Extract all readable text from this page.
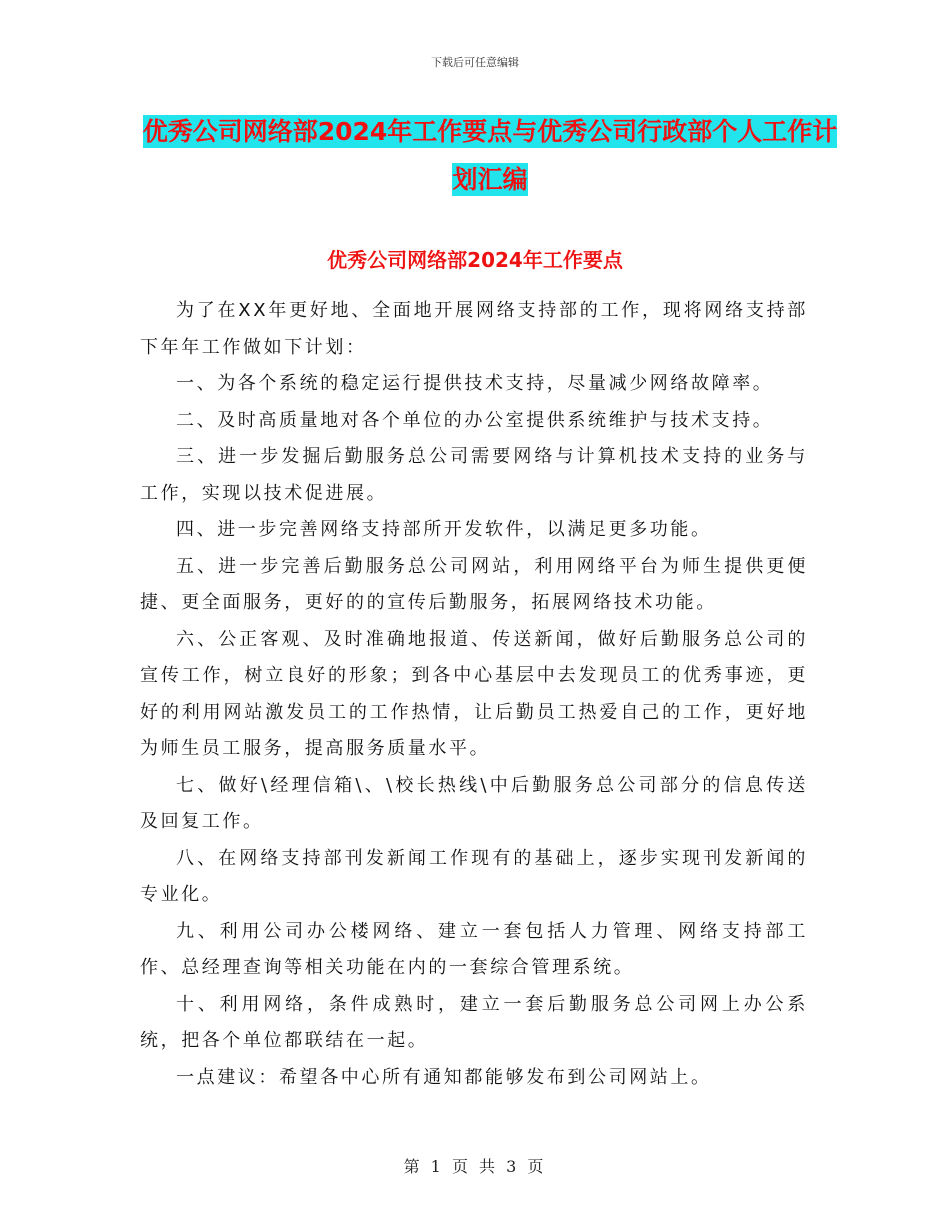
下载后可任意编辑
优秀公司网络部2024年工作要点与优秀公司行政部个人工作计划汇编
优秀公司网络部2024年工作要点

为了在XX年更好地、全面地开展网络支持部的工作，现将网络支持部下年年工作做如下计划：

一、为各个系统的稳定运行提供技术支持，尽量减少网络故障率。

二、及时高质量地对各个单位的办公室提供系统维护与技术支持。

三、进一步发掘后勤服务总公司需要网络与计算机技术支持的业务与工作，实现以技术促进展。

四、进一步完善网络支持部所开发软件，以满足更多功能。

五、进一步完善后勤服务总公司网站，利用网络平台为师生提供更便捷、更全面服务，更好的的宣传后勤服务，拓展网络技术功能。

六、公正客观、及时准确地报道、传送新闻，做好后勤服务总公司的宣传工作，树立良好的形象；到各中心基层中去发现员工的优秀事迹，更好的利用网站激发员工的工作热情，让后勤员工热爱自己的工作，更好地为师生员工服务，提高服务质量水平。

七、做好\经理信箱\、\校长热线\中后勤服务总公司部分的信息传送及回复工作。

八、在网络支持部刊发新闻工作现有的基础上，逐步实现刊发新闻的专业化。

九、利用公司办公楼网络、建立一套包括人力管理、网络支持部工作、总经理查询等相关功能在内的一套综合管理系统。

十、利用网络，条件成熟时，建立一套后勤服务总公司网上办公系统，把各个单位都联结在一起。

一点建议：希望各中心所有通知都能够发布到公司网站上。

第 1 页 共 3 页
